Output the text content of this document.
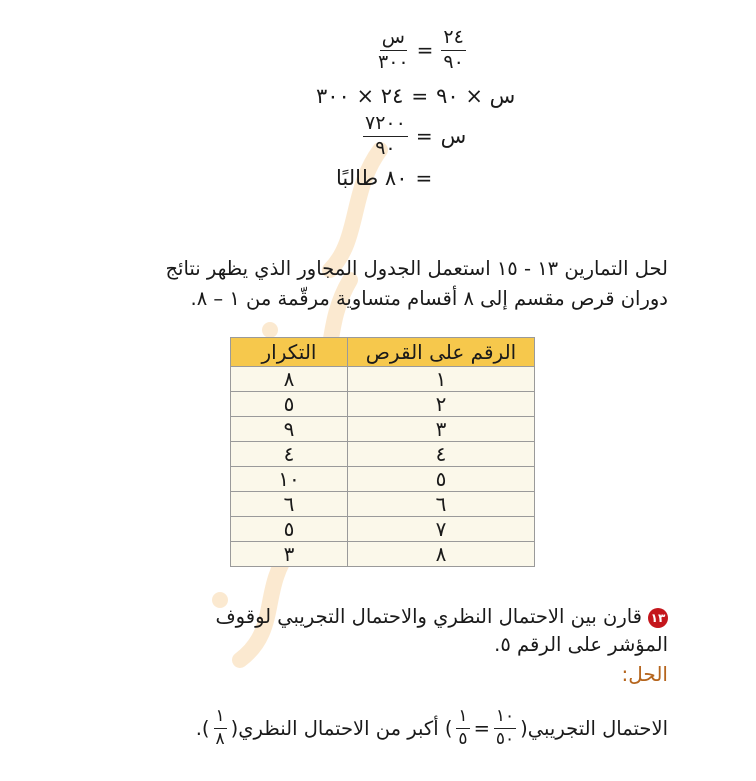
$\frac{\text{س}}{٣٠٠} = \frac{٢٤}{٩٠}$
٢٤ × ٣٠٠ = س × ٩٠
$\frac{٧٢٠٠}{٩٠}$ = س
٨٠ طالبًا =
لحل التمارين ١٣ - ١٥ استعمل الجدول المجاور الذي يظهر نتائج
دوران قرص مقسم إلى ٨ أقسام متساوية مرقّمة من ١ – ٨.
الرقم على القرص	التكرار
١	٨
٢	٥
٣	٩
٤	٤
٥	١٠
٦	٦
٧	٥
٨	٣
١٣قارن بين الاحتمال النظري والاحتمال التجريبي لوقوف
المؤشر على الرقم ٥.
الحل:
الاحتمال التجريبي(
$\frac{١٠}{٥٠}$
=
$\frac{١}{٥}$
) أكبر من الاحتمال النظري(
$\frac{١}{٨}$
).
